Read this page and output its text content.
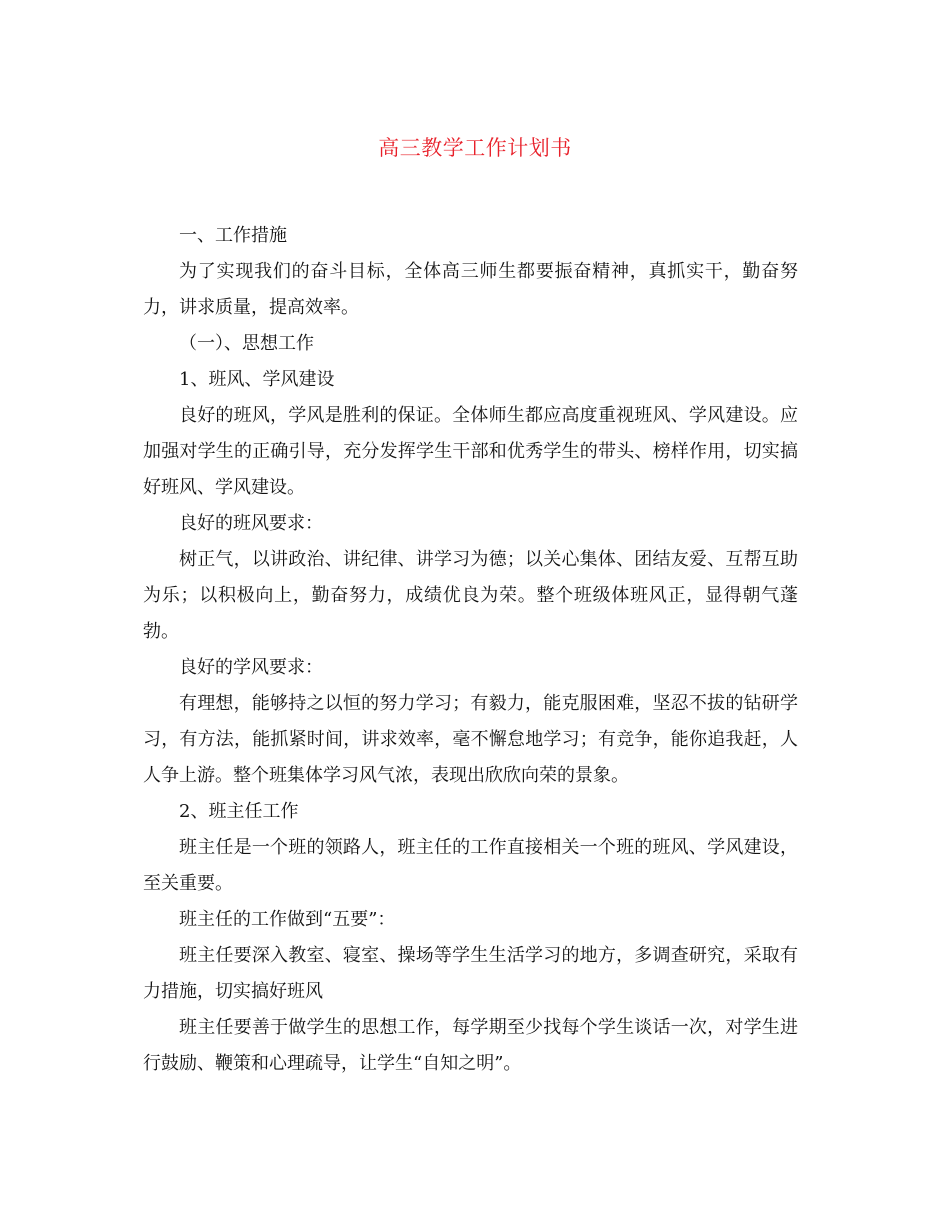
高三教学工作计划书

一、工作措施

为了实现我们的奋斗目标，全体高三师生都要振奋精神，真抓实干，勤奋努力，讲求质量，提高效率。

（一）、思想工作

1、班风、学风建设

良好的班风，学风是胜利的保证。全体师生都应高度重视班风、学风建设。应加强对学生的正确引导，充分发挥学生干部和优秀学生的带头、榜样作用，切实搞好班风、学风建设。

良好的班风要求：

树正气，以讲政治、讲纪律、讲学习为德；以关心集体、团结友爱、互帮互助为乐；以积极向上，勤奋努力，成绩优良为荣。整个班级体班风正，显得朝气蓬勃。

良好的学风要求：

有理想，能够持之以恒的努力学习；有毅力，能克服困难，坚忍不拔的钻研学习，有方法，能抓紧时间，讲求效率，毫不懈怠地学习；有竞争，能你追我赶，人人争上游。整个班集体学习风气浓，表现出欣欣向荣的景象。

2、班主任工作

班主任是一个班的领路人，班主任的工作直接相关一个班的班风、学风建设，至关重要。

班主任的工作做到“五要”：

班主任要深入教室、寝室、操场等学生生活学习的地方，多调查研究，采取有力措施，切实搞好班风

班主任要善于做学生的思想工作，每学期至少找每个学生谈话一次，对学生进行鼓励、鞭策和心理疏导，让学生“自知之明”。
